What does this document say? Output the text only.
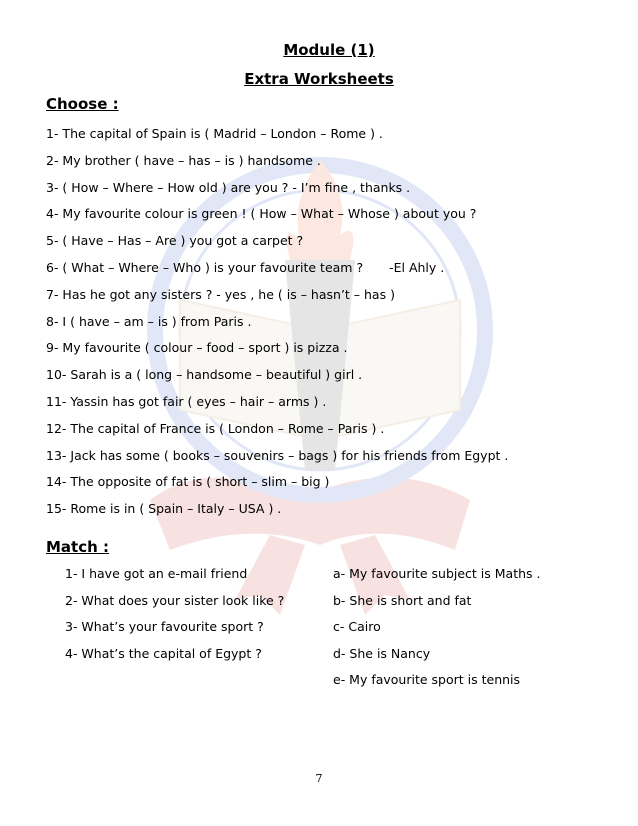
Module (1)
Extra Worksheets
Choose :
1- The capital of Spain is ( Madrid – London – Rome ) .
2- My brother ( have – has – is ) handsome .
3- ( How – Where – How old ) are you ? - I’m fine , thanks .
4- My favourite colour is green ! ( How – What – Whose ) about you ?
5- ( Have – Has – Are ) you got a carpet ?
6- ( What – Where – Who ) is your favourite team ? -El Ahly .
7- Has he got any sisters ? - yes , he ( is – hasn’t – has )
8- I ( have – am – is ) from Paris .
9- My favourite ( colour – food – sport ) is pizza .
10- Sarah is a ( long – handsome – beautiful ) girl .
11- Yassin has got fair ( eyes – hair – arms ) .
12- The capital of France is ( London – Rome – Paris ) .
13- Jack has some ( books – souvenirs – bags ) for his friends from Egypt .
14- The opposite of fat is ( short – slim – big )
15- Rome is in ( Spain – Italy – USA ) .
Match :
1- I have got an e-mail friend
2- What does your sister look like ?
3- What’s your favourite sport ?
4- What’s the capital of Egypt ?
a- My favourite subject is Maths .
b- She is short and fat
c- Cairo
d- She is Nancy
e- My favourite sport is tennis
7
